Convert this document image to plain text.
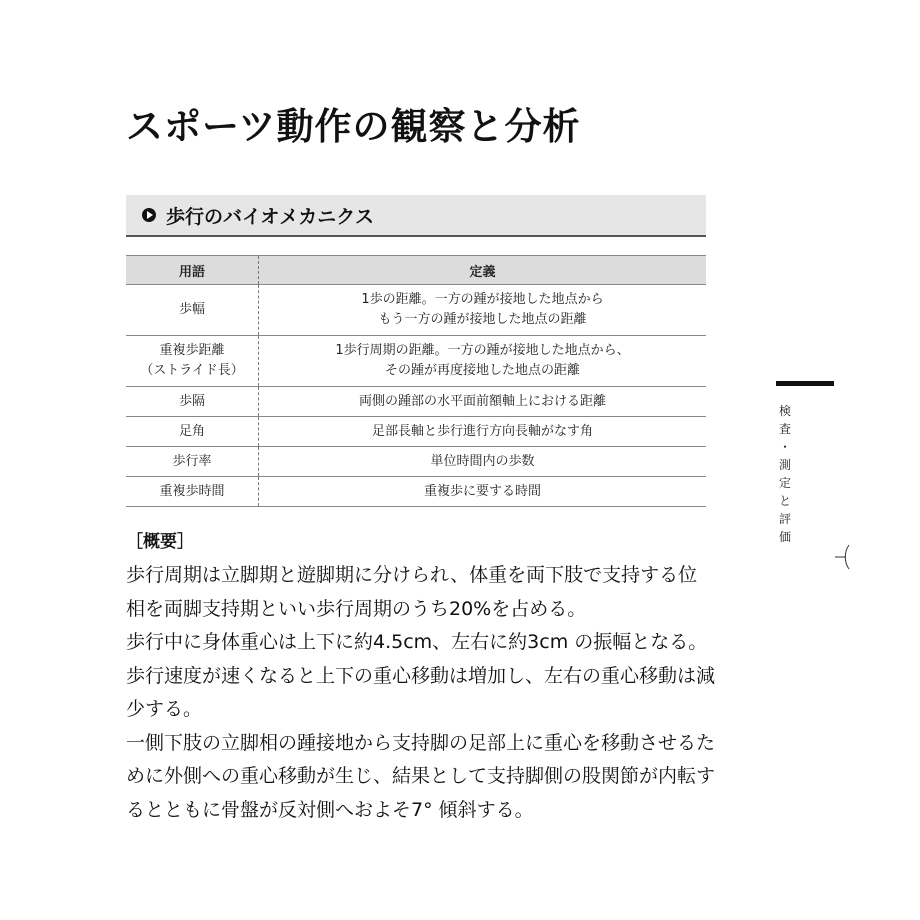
スポーツ動作の観察と分析
歩行のバイオメカニクス
用語	定義

歩幅	1歩の距離。一方の踵が接地した地点から
もう一方の踵が接地した地点の距離

重複歩距離
（ストライド長）	1歩行周期の距離。一方の踵が接地した地点から、
その踵が再度接地した地点の距離

歩隔	両側の踵部の水平面前額軸上における距離

足角	足部長軸と歩行進行方向長軸がなす角

歩行率	単位時間内の歩数

重複歩時間	重複歩に要する時間
［概要］

歩行周期は立脚期と遊脚期に分けられ、体重を両下肢で支持する位相を両脚支持期といい歩行周期のうち20%を占める。

歩行中に身体重心は上下に約4.5cm、左右に約3cm の振幅となる。歩行速度が速くなると上下の重心移動は増加し、左右の重心移動は減少する。

一側下肢の立脚相の踵接地から支持脚の足部上に重心を移動させるために外側への重心移動が生じ、結果として支持脚側の股関節が内転するとともに骨盤が反対側へおよそ7° 傾斜する。

検
査
・
測
定
と
評
価
